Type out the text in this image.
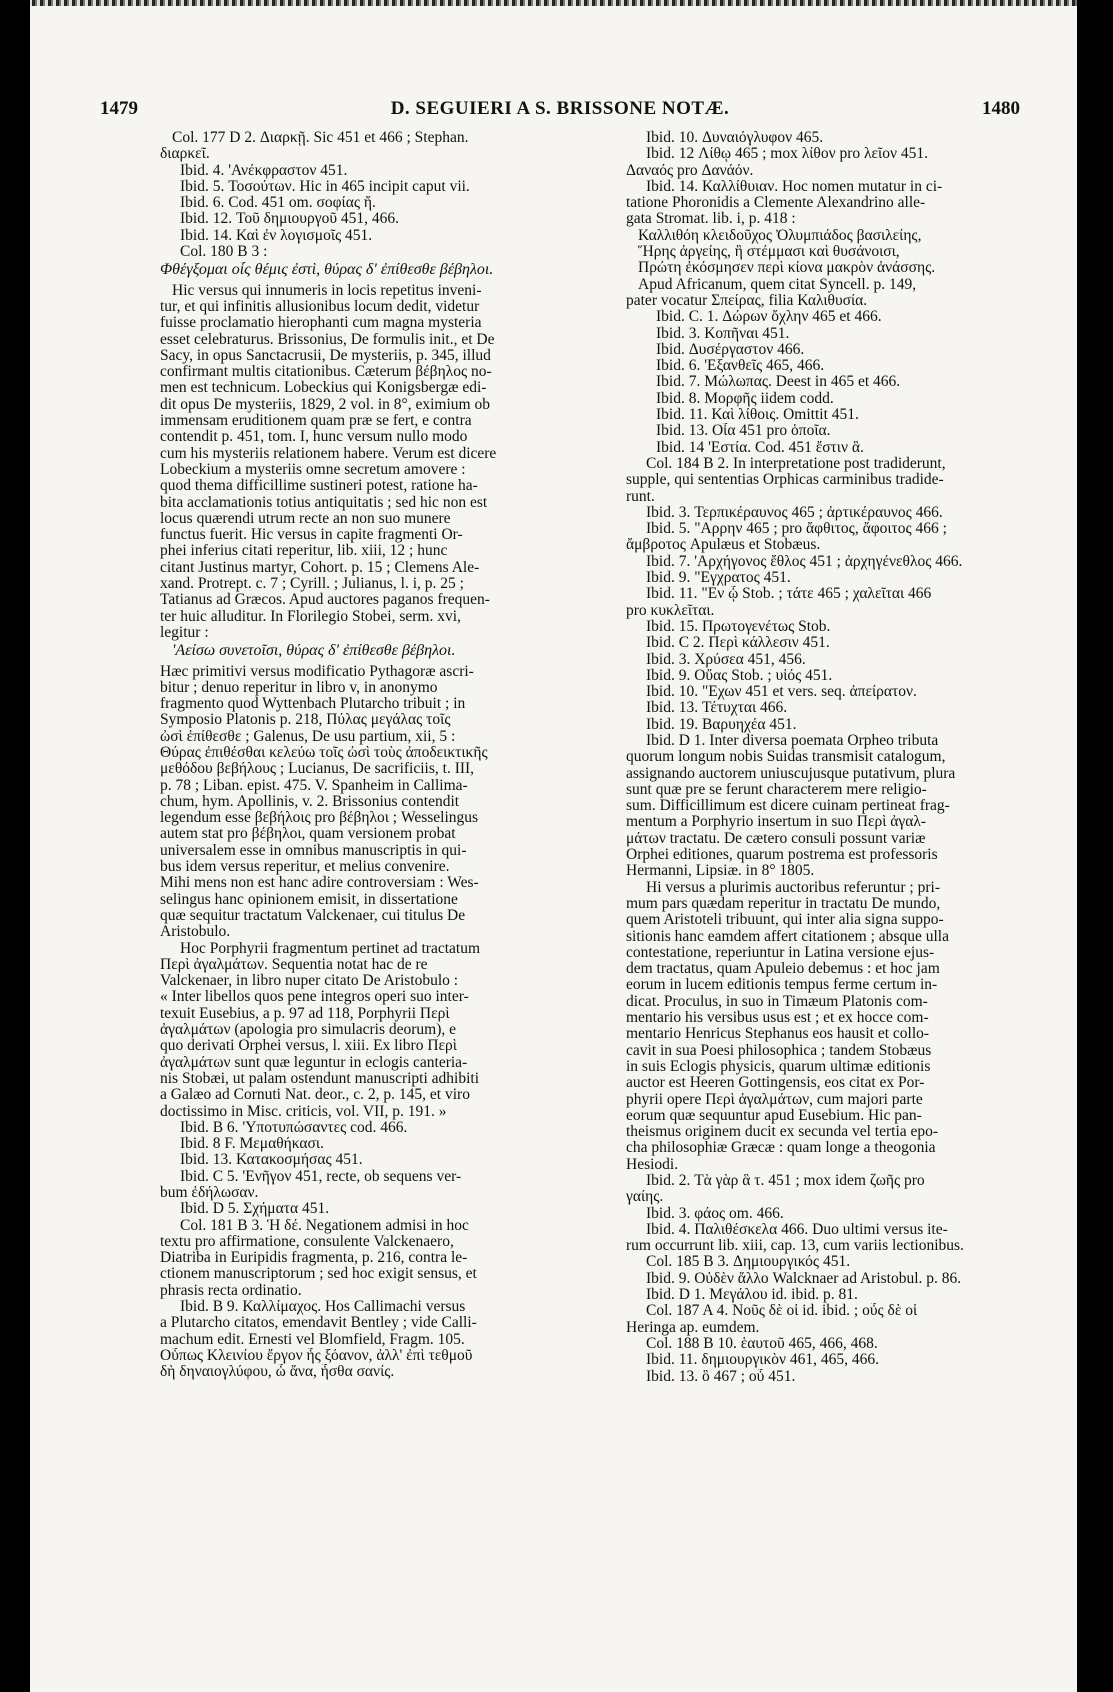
1479	D. SEGUIERI A S. BRISSONE NOTÆ.	1480
Col. 177 D 2. Διαρκῇ. Sic 451 et 466 ; Stephan.
διαρκεῖ.
Ibid. 4. 'Ανέκφραστον 451.
Ibid. 5. Τοσούτων. Hic in 465 incipit caput vii.
Ibid. 6. Cod. 451 om. σοφίας ἤ.
Ibid. 12. Τοῦ δημιουργοῦ 451, 466.
Ibid. 14. Καὶ ἐν λογισμοῖς 451.
Col. 180 B 3 :
Φθέγξομαι οἷς θέμις ἐστὶ, θύρας δ' ἐπίθεσθε βέβηλοι.
Hic versus qui innumeris in locis repetitus inveni-
tur, et qui infinitis allusionibus locum dedit, videtur
fuisse proclamatio hierophanti cum magna mysteria
esset celebraturus. Brissonius, De formulis init., et De
Sacy, in opus Sanctacrusii, De mysteriis, p. 345, illud
confirmant multis citationibus. Cæterum βέβηλος no-
men est technicum. Lobeckius qui Konigsbergæ edi-
dit opus De mysteriis, 1829, 2 vol. in 8°, eximium ob
immensam eruditionem quam præ se fert, e contra
contendit p. 451, tom. I, hunc versum nullo modo
cum his mysteriis relationem habere. Verum est dicere
Lobeckium a mysteriis omne secretum amovere :
quod thema difficillime sustineri potest, ratione ha-
bita acclamationis totius antiquitatis ; sed hic non est
locus quærendi utrum recte an non suo munere
functus fuerit. Hic versus in capite fragmenti Or-
phei inferius citati reperitur, lib. xiii, 12 ; hunc
citant Justinus martyr, Cohort. p. 15 ; Clemens Ale-
xand. Protrept. c. 7 ; Cyrill. ; Julianus, l. i, p. 25 ;
Tatianus ad Græcos. Apud auctores paganos frequen-
ter huic alluditur. In Florilegio Stobei, serm. xvi,
legitur :
'Αείσω συνετοῖσι, θύρας δ' ἐπίθεσθε βέβηλοι.
Hæc primitivi versus modificatio Pythagoræ ascri-
bitur ; denuo reperitur in libro v, in anonymo
fragmento quod Wyttenbach Plutarcho tribuit ; in
Symposio Platonis p. 218, Πύλας μεγάλας τοῖς
ὠσὶ ἐπίθεσθε ; Galenus, De usu partium, xii, 5 :
Θύρας ἐπιθέσθαι κελεύω τοῖς ὠσὶ τοὺς ἀποδεικτικῆς
μεθόδου βεβήλους ; Lucianus, De sacrificiis, t. III,
p. 78 ; Liban. epist. 475. V. Spanheim in Callima-
chum, hym. Apollinis, v. 2. Brissonius contendit
legendum esse βεβήλοις pro βέβηλοι ; Wesselingus
autem stat pro βέβηλοι, quam versionem probat
universalem esse in omnibus manuscriptis in qui-
bus idem versus reperitur, et melius convenire.
Mihi mens non est hanc adire controversiam : Wes-
selingus hanc opinionem emisit, in dissertatione
quæ sequitur tractatum Valckenaer, cui titulus De
Aristobulo.
Hoc Porphyrii fragmentum pertinet ad tractatum
Περὶ ἀγαλμάτων. Sequentia notat hac de re
Valckenaer, in libro nuper citato De Aristobulo :
« Inter libellos quos pene integros operi suo inter-
texuit Eusebius, a p. 97 ad 118, Porphyrii Περὶ
ἀγαλμάτων (apologia pro simulacris deorum), e
quo derivati Orphei versus, l. xiii. Ex libro Περὶ
ἀγαλμάτων sunt quæ leguntur in eclogis canteria-
nis Stobæi, ut palam ostendunt manuscripti adhibiti
a Galæo ad Cornuti Nat. deor., c. 2, p. 145, et viro
doctissimo in Misc. criticis, vol. VII, p. 191. »
Ibid. B 6. 'Υποτυπώσαντες cod. 466.
Ibid. 8 F. Μεμαθήκασι.
Ibid. 13. Κατακοσμήσας 451.
Ibid. C 5. 'Ενῆγον 451, recte, ob sequens ver-
bum ἐδήλωσαν.
Ibid. D 5. Σχήματα 451.
Col. 181 B 3. Ἡ δέ. Negationem admisi in hoc
textu pro affirmatione, consulente Valckenaero,
Diatriba in Euripidis fragmenta, p. 216, contra le-
ctionem manuscriptorum ; sed hoc exigit sensus, et
phrasis recta ordinatio.
Ibid. B 9. Καλλίμαχος. Hos Callimachi versus
a Plutarcho citatos, emendavit Bentley ; vide Calli-
machum edit. Ernesti vel Blomfield, Fragm. 105.
Οὗπως Κλεινίου ἔργον ἧς ξόανον, ἀλλ' ἐπὶ τεθμοῦ
δὴ δηναιογλύφου, ὦ ἄνα, ἦσθα σανίς.
Ibid. 10. Δυναιόγλυφον 465.
Ibid. 12 Λίθῳ 465 ; mox λίθον pro λεῖον 451.
Δαναός pro Δανάόν.
Ibid. 14. Καλλίθυιαν. Hoc nomen mutatur in ci-
tatione Phoronidis a Clemente Alexandrino alle-
gata Stromat. lib. i, p. 418 :
Καλλιθόη κλειδοῦχος Ὀλυμπιάδος βασιλείης,
Ἥρης ἀργείης, ἣ στέμμασι καὶ θυσάνοισι,
Πρώτη ἐκόσμησεν περὶ κίονα μακρὸν ἀνάσσης.
Apud Africanum, quem citat Syncell. p. 149,
pater vocatur Σπείρας, filia Καλιθυσία.
Ibid. C. 1. Δώρων ὄχλην 465 et 466.
Ibid. 3. Κοπῆναι 451.
Ibid. Δυσέργαστον 466.
Ibid. 6. 'Εξανθεῖς 465, 466.
Ibid. 7. Μώλωπας. Deest in 465 et 466.
Ibid. 8. Μορφῆς iidem codd.
Ibid. 11. Καὶ λίθοις. Omittit 451.
Ibid. 13. Οἷα 451 pro ὁποῖα.
Ibid. 14 'Εστία. Cod. 451 ἔστιν ἃ.
Col. 184 B 2. In interpretatione post tradiderunt,
supple, qui sententias Orphicas carminibus tradide-
runt.
Ibid. 3. Τερπικέραυνος 465 ; ἀρτικέραυνος 466.
Ibid. 5. "Αρρην 465 ; pro ἄφθιτος, ἄφοιτος 466 ;
ἄμβροτος Apulæus et Stobæus.
Ibid. 7. 'Αρχήγονος ἔθλος 451 ; ἀρχηγένεθλος 466.
Ibid. 9. "Εγχρατος 451.
Ibid. 11. "Εν ᾧ Stob. ; τάτε 465 ; χαλεῖται 466
pro κυκλεῖται.
Ibid. 15. Πρωτογενέτως Stob.
Ibid. C 2. Περὶ κάλλεσιν 451.
Ibid. 3. Χρύσεα 451, 456.
Ibid. 9. Οὔας Stob. ; υἱός 451.
Ibid. 10. "Εχων 451 et vers. seq. ἀπείρατον.
Ibid. 13. Τέτυχται 466.
Ibid. 19. Βαρυηχέα 451.
Ibid. D 1. Inter diversa poemata Orpheo tributa
quorum longum nobis Suidas transmisit catalogum,
assignando auctorem uniuscujusque putativum, plura
sunt quæ pre se ferunt characterem mere religio-
sum. Difficillimum est dicere cuinam pertineat frag-
mentum a Porphyrio insertum in suo Περὶ ἀγαλ-
μάτων tractatu. De cætero consuli possunt variæ
Orphei editiones, quarum postrema est professoris
Hermanni, Lipsiæ. in 8° 1805.
Hi versus a plurimis auctoribus referuntur ; pri-
mum pars quædam reperitur in tractatu De mundo,
quem Aristoteli tribuunt, qui inter alia signa suppo-
sitionis hanc eamdem affert citationem ; absque ulla
contestatione, reperiuntur in Latina versione ejus-
dem tractatus, quam Apuleio debemus : et hoc jam
eorum in lucem editionis tempus ferme certum in-
dicat. Proculus, in suo in Timæum Platonis com-
mentario his versibus usus est ; et ex hocce com-
mentario Henricus Stephanus eos hausit et collo-
cavit in sua Poesi philosophica ; tandem Stobæus
in suis Eclogis physicis, quarum ultimæ editionis
auctor est Heeren Gottingensis, eos citat ex Por-
phyrii opere Περὶ ἀγαλμάτων, cum majori parte
eorum quæ sequuntur apud Eusebium. Hic pan-
theismus originem ducit ex secunda vel tertia epo-
cha philosophiæ Græcæ : quam longe a theogonia
Hesiodi.
Ibid. 2. Τὰ γὰρ ἃ τ. 451 ; mox idem ζωῆς pro
γαίης.
Ibid. 3. φάος om. 466.
Ibid. 4. Παλιθέσκελα 466. Duo ultimi versus ite-
rum occurrunt lib. xiii, cap. 13, cum variis lectionibus.
Col. 185 B 3. Δημιουργικός 451.
Ibid. 9. Οὐδὲν ἄλλο Walcknaer ad Aristobul. p. 86.
Ibid. D 1. Μεγάλου id. ibid. p. 81.
Col. 187 A 4. Νοῦς δὲ οἱ id. ibid. ; οὖς δὲ οἱ
Heringa ap. eumdem.
Col. 188 B 10. ἑαυτοῦ 465, 466, 468.
Ibid. 11. δημιουργικὸν 461, 465, 466.
Ibid. 13. ὃ 467 ; οὗ 451.
